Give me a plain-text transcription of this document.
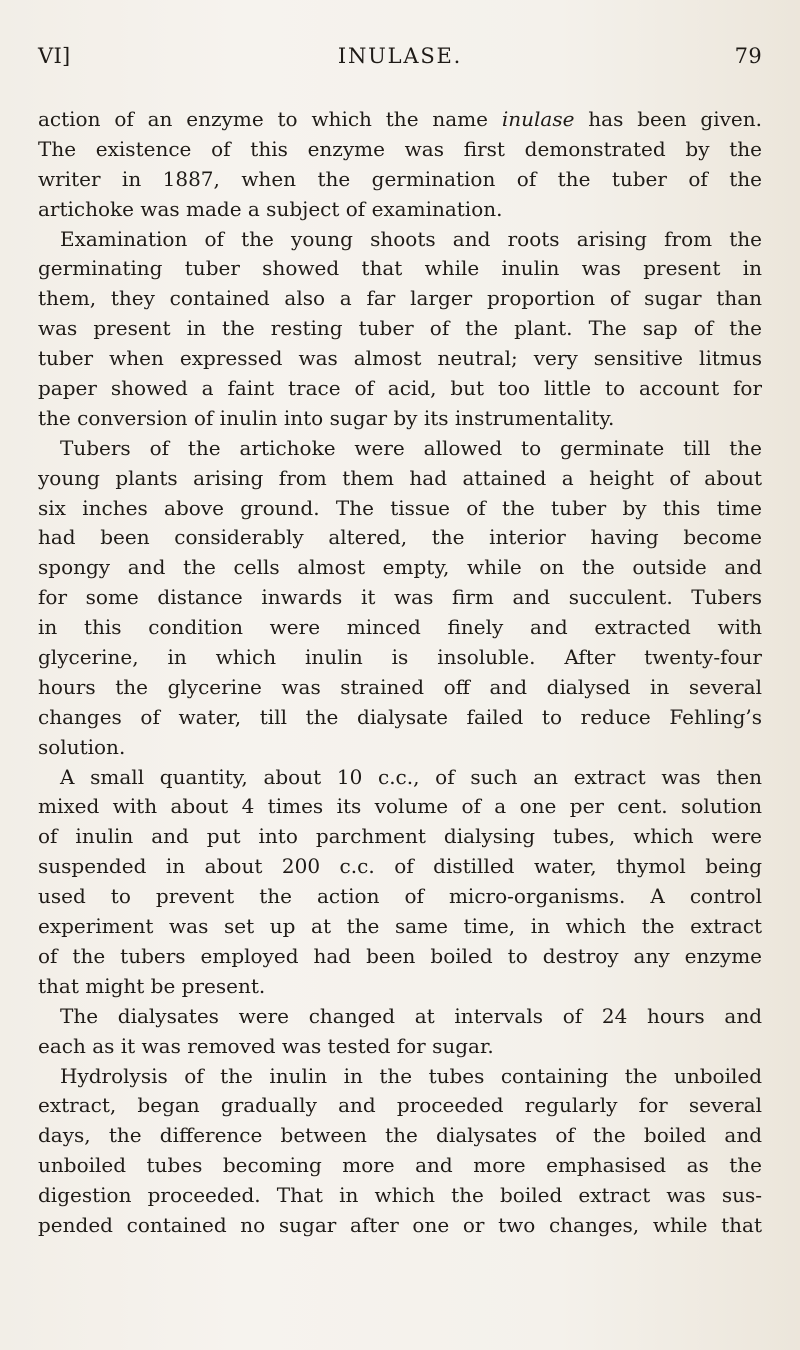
VI]	INULASE.	79
action of an enzyme to which the name inulase has been given.
The existence of this enzyme was first demonstrated by the
writer in 1887, when the germination of the tuber of the
artichoke was made a subject of examination.
Examination of the young shoots and roots arising from the
germinating tuber showed that while inulin was present in
them, they contained also a far larger proportion of sugar than
was present in the resting tuber of the plant. The sap of the
tuber when expressed was almost neutral; very sensitive litmus
paper showed a faint trace of acid, but too little to account for
the conversion of inulin into sugar by its instrumentality.
Tubers of the artichoke were allowed to germinate till the
young plants arising from them had attained a height of about
six inches above ground. The tissue of the tuber by this time
had been considerably altered, the interior having become
spongy and the cells almost empty, while on the outside and
for some distance inwards it was firm and succulent. Tubers
in this condition were minced finely and extracted with
glycerine, in which inulin is insoluble. After twenty-four
hours the glycerine was strained off and dialysed in several
changes of water, till the dialysate failed to reduce Fehling’s
solution.
A small quantity, about 10 c.c., of such an extract was then
mixed with about 4 times its volume of a one per cent. solution
of inulin and put into parchment dialysing tubes, which were
suspended in about 200 c.c. of distilled water, thymol being
used to prevent the action of micro-organisms. A control
experiment was set up at the same time, in which the extract
of the tubers employed had been boiled to destroy any enzyme
that might be present.
The dialysates were changed at intervals of 24 hours and
each as it was removed was tested for sugar.
Hydrolysis of the inulin in the tubes containing the unboiled
extract, began gradually and proceeded regularly for several
days, the difference between the dialysates of the boiled and
unboiled tubes becoming more and more emphasised as the
digestion proceeded. That in which the boiled extract was sus-
pended contained no sugar after one or two changes, while that
